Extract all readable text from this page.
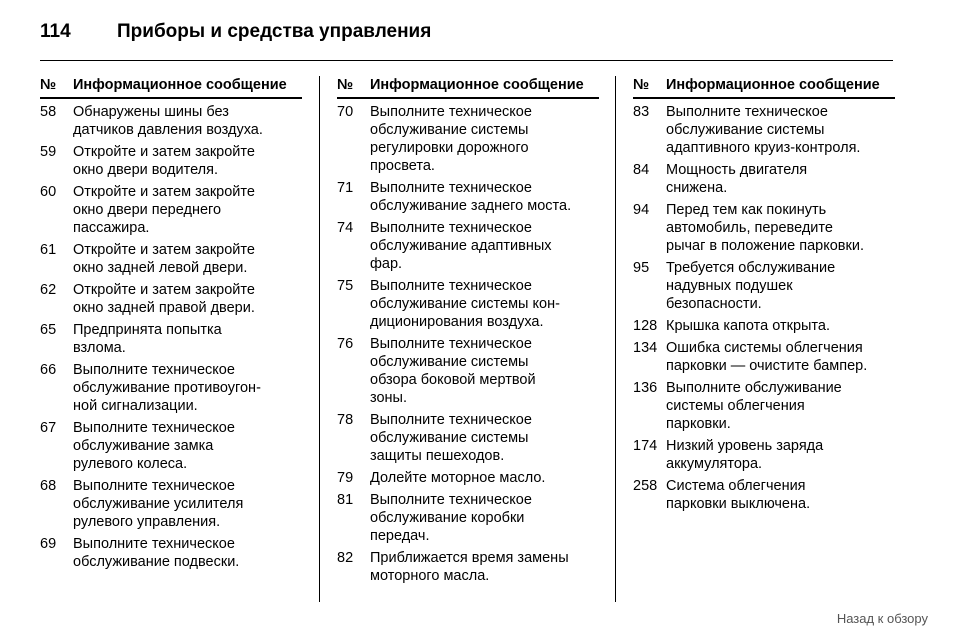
114 Приборы и средства управления
№	Информационное сообщение
58	Обнаружены шины без
датчиков давления воздуха.
59	Откройте и затем закройте
окно двери водителя.
60	Откройте и затем закройте
окно двери переднего
пассажира.
61	Откройте и затем закройте
окно задней левой двери.
62	Откройте и затем закройте
окно задней правой двери.
65	Предпринята попытка
взлома.
66	Выполните техническое
обслуживание противоугон-
ной сигнализации.
67	Выполните техническое
обслуживание замка
рулевого колеса.
68	Выполните техническое
обслуживание усилителя
рулевого управления.
69	Выполните техническое
обслуживание подвески.
№	Информационное сообщение
70	Выполните техническое
обслуживание системы
регулировки дорожного
просвета.
71	Выполните техническое
обслуживание заднего моста.
74	Выполните техническое
обслуживание адаптивных
фар.
75	Выполните техническое
обслуживание системы кон-
диционирования воздуха.
76	Выполните техническое
обслуживание системы
обзора боковой мертвой
зоны.
78	Выполните техническое
обслуживание системы
защиты пешеходов.
79	Долейте моторное масло.
81	Выполните техническое
обслуживание коробки
передач.
82	Приближается время замены
моторного масла.
№	Информационное сообщение
83	Выполните техническое
обслуживание системы
адаптивного круиз-контроля.
84	Мощность двигателя
снижена.
94	Перед тем как покинуть
автомобиль, переведите
рычаг в положение парковки.
95	Требуется обслуживание
надувных подушек
безопасности.
128 Крышка капота открыта.
134 Ошибка системы облегчения
парковки — очистите бампер.
136 Выполните обслуживание
системы облегчения
парковки.
174 Низкий уровень заряда
аккумулятора.
258 Система облегчения
парковки выключена.
Назад к обзору
